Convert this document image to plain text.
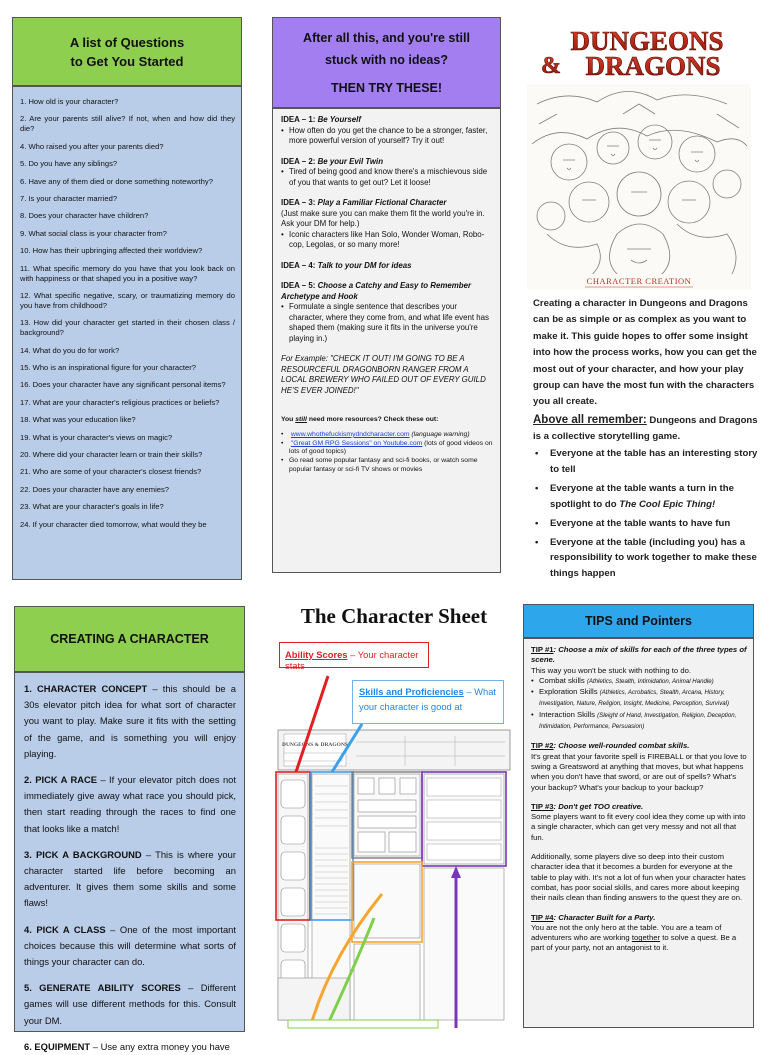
A list of Questions
to Get You Started

1. How old is your character?

2. Are your parents still alive? If not, when and how did they die?

4. Who raised you after your parents died?

5. Do you have any siblings?

6. Have any of them died or done something noteworthy?

7. Is your character married?

8. Does your character have children?

9. What social class is your character from?

10. How has their upbringing affected their worldview?

11. What specific memory do you have that you look back on with happiness or that shaped you in a positive way?

12. What specific negative, scary, or traumatizing memory do you have from childhood?

13. How did your character get started in their chosen class / background?

14. What do you do for work?

15. Who is an inspirational figure for your character?

16. Does your character have any significant personal items?

17. What are your character's religious practices or beliefs?

18. What was your education like?

19. What is your character's views on magic?

20. Where did your character learn or train their skills?

21. Who are some of your character's closest friends?

22. Does your character have any enemies?

23. What are your character's goals in life?

24. If your character died tomorrow, what would they be

After all this, and you're still
stuck with no ideas?
THEN TRY THESE!
IDEA – 1: Be Yourself
• How often do you get the chance to be a stronger, faster, more powerful version of yourself? Try it out!
IDEA – 2: Be your Evil Twin
• Tired of being good and know there's a mischievous side of you that wants to get out? Let it loose!
IDEA – 3: Play a Familiar Fictional Character
(Just make sure you can make them fit the world you're in. Ask your DM for help.)
• Iconic characters like Han Solo, Wonder Woman, Robo-cop, Legolas, or so many more!
IDEA – 4: Talk to your DM for ideas
IDEA – 5: Choose a Catchy and Easy to Remember Archetype and Hook
• Formulate a single sentence that describes your character, where they come from, and what life event has shaped them (making sure it fits in the universe you're playing in.)
For Example: "CHECK IT OUT! I'M GOING TO BE A RESOURCEFUL DRAGONBORN RANGER FROM A LOCAL BREWERY WHO FAILED OUT OF EVERY GUILD HE'S EVER JOINED!"
You still need more resources? Check these out:
• www.whothefuckismydndcharacter.com (language warning)
• "Great GM RPG Sessions" on Youtube.com (lots of good videos on lots of good topics)
• Go read some popular fantasy and sci-fi books, or watch some popular fantasy or sci-fi TV shows or movies
DUNGEONS
& DRAGONS
CHARACTER CREATION
Creating a character in Dungeons and Dragons can be as simple or as complex as you want to make it. This guide hopes to offer some insight into how the process works, how you can get the most out of your character, and how your play group can have the most fun with the characters you all create.
Above all remember: Dungeons and Dragons is a collective storytelling game.
• Everyone at the table has an interesting story to tell
• Everyone at the table wants a turn in the spotlight to do The Cool Epic Thing!
• Everyone at the table wants to have fun
• Everyone at the table (including you) has a responsibility to work together to make these things happen
CREATING A CHARACTER

1. CHARACTER CONCEPT – this should be a 30s elevator pitch idea for what sort of character you want to play. Make sure it fits with the setting of the game, and is something you will enjoy playing.

2. PICK A RACE – If your elevator pitch does not immediately give away what race you should pick, then start reading through the races to find one that looks like a match!

3. PICK A BACKGROUND – This is where your character started life before becoming an adventurer. It gives them some skills and some flaws!

4. PICK A CLASS – One of the most important choices because this will determine what sorts of things your character can do.

5. GENERATE ABILITY SCORES – Different games will use different methods for this. Consult your DM.

6. EQUIPMENT – Use any extra money you have

The Character Sheet
DUNGEONS & DRAGONS
Ability Scores – Your character stats
Skills and Proficiencies – What your character is good at
TIPS and Pointers
TIP #1: Choose a mix of skills for each of the three types of scene.
This way you won't be stuck with nothing to do.
• Combat skills (Athletics, Stealth, Intimidation, Animal Handle)
• Exploration Skills (Athletics, Acrobatics, Stealth, Arcana, History, Investigation, Nature, Religion, Insight, Medicine, Perception, Survival)
• Interaction Skills (Sleight of Hand, Investigation, Religion, Deception, Intimidation, Performance, Persuasion)
TIP #2: Choose well-rounded combat skills.
It's great that your favorite spell is FIREBALL or that you love to swing a Greatsword at anything that moves, but what happens when you don't have that sword, or are out of spells? What's your backup? What's your backup to your backup?
TIP #3: Don't get TOO creative.
Some players want to fit every cool idea they come up with into a single character, which can get very messy and not all that fun.
Additionally, some players dive so deep into their custom character idea that it becomes a burden for everyone at the table to play with. It's not a lot of fun when your character hates combat, has poor social skills, and cares more about keeping their nails clean than finding answers to the quest they are on.
TIP #4: Character Built for a Party.
You are not the only hero at the table. You are a team of adventurers who are working together to solve a quest. Be a part of your party, not an antagonist to it.
